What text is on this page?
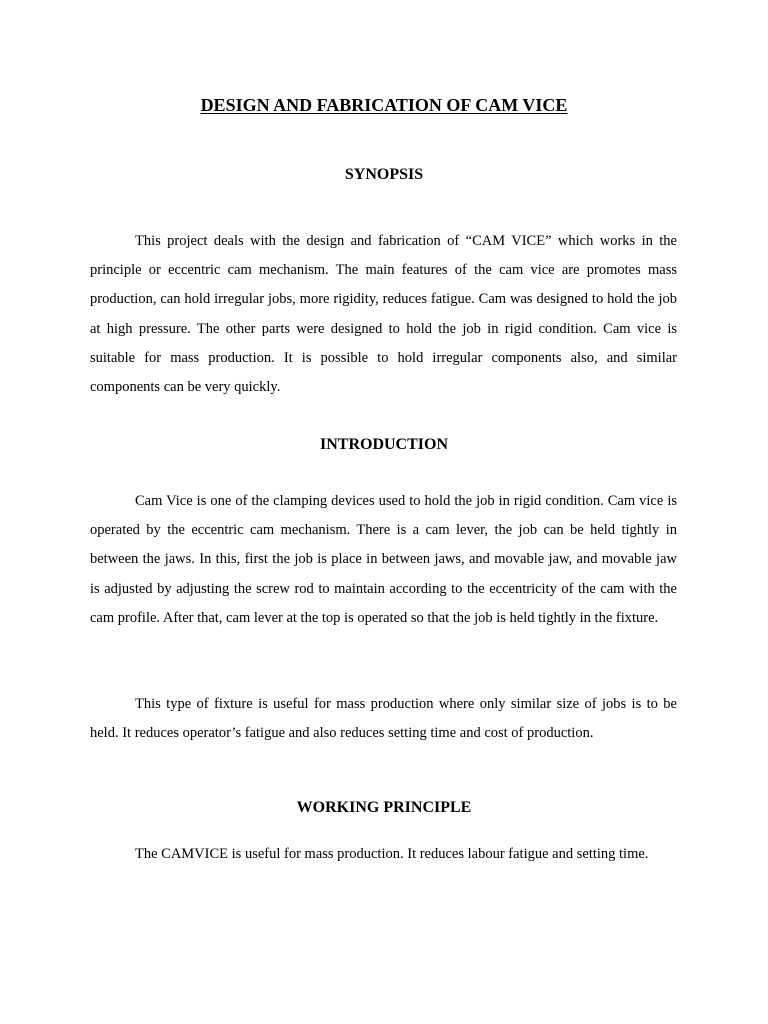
DESIGN AND FABRICATION OF CAM VICE
SYNOPSIS

This project deals with the design and fabrication of “CAM VICE” which works in the principle or eccentric cam mechanism. The main features of the cam vice are promotes mass production, can hold irregular jobs, more rigidity, reduces fatigue. Cam was designed to hold the job at high pressure. The other parts were designed to hold the job in rigid condition. Cam vice is suitable for mass production. It is possible to hold irregular components also, and similar components can be very quickly.

INTRODUCTION

Cam Vice is one of the clamping devices used to hold the job in rigid condition. Cam vice is operated by the eccentric cam mechanism. There is a cam lever, the job can be held tightly in between the jaws. In this, first the job is place in between jaws, and movable jaw, and movable jaw is adjusted by adjusting the screw rod to maintain according to the eccentricity of the cam with the cam profile. After that, cam lever at the top is operated so that the job is held tightly in the fixture.

This type of fixture is useful for mass production where only similar size of jobs is to be held. It reduces operator’s fatigue and also reduces setting time and cost of production.

WORKING PRINCIPLE

The CAMVICE is useful for mass production. It reduces labour fatigue and setting time.
